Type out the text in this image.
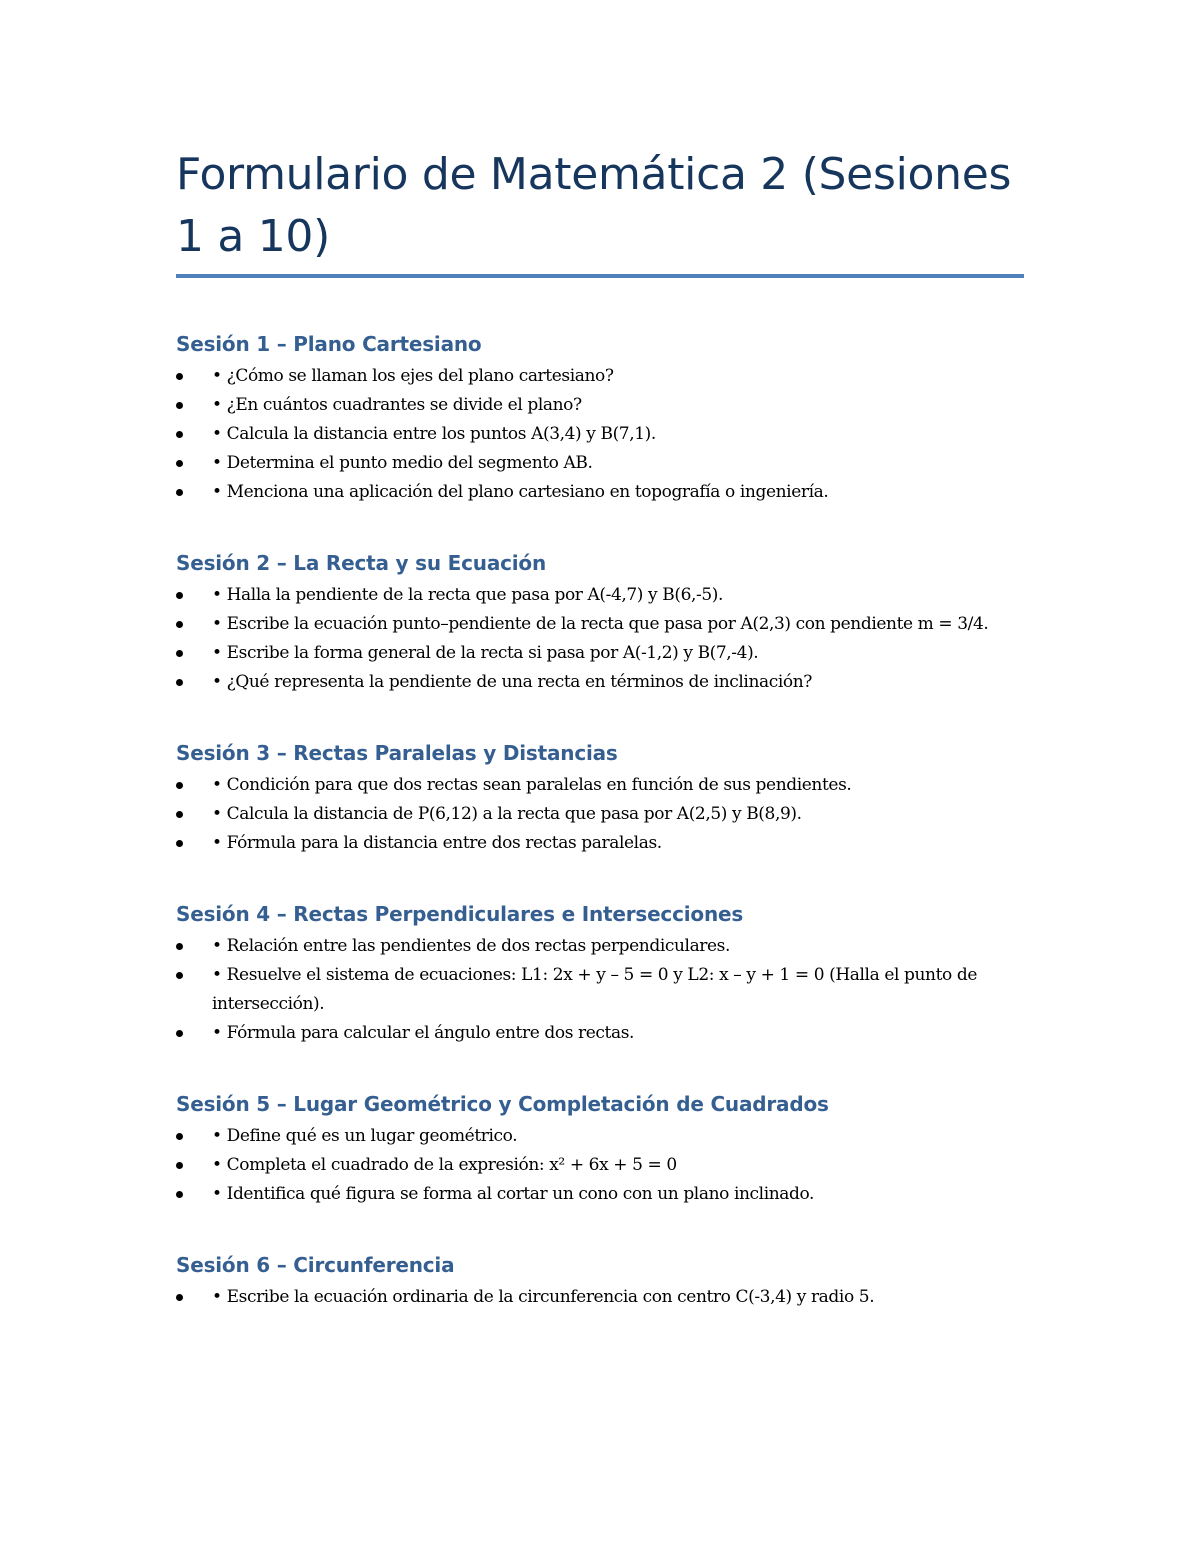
Formulario de Matemática 2 (Sesiones 1 a 10)
Sesión 1 – Plano Cartesiano
• ¿Cómo se llaman los ejes del plano cartesiano?
• ¿En cuántos cuadrantes se divide el plano?
• Calcula la distancia entre los puntos A(3,4) y B(7,1).
• Determina el punto medio del segmento AB.
• Menciona una aplicación del plano cartesiano en topografía o ingeniería.
Sesión 2 – La Recta y su Ecuación
• Halla la pendiente de la recta que pasa por A(-4,7) y B(6,-5).
• Escribe la ecuación punto–pendiente de la recta que pasa por A(2,3) con pendiente m = 3/4.
• Escribe la forma general de la recta si pasa por A(-1,2) y B(7,-4).
• ¿Qué representa la pendiente de una recta en términos de inclinación?
Sesión 3 – Rectas Paralelas y Distancias
• Condición para que dos rectas sean paralelas en función de sus pendientes.
• Calcula la distancia de P(6,12) a la recta que pasa por A(2,5) y B(8,9).
• Fórmula para la distancia entre dos rectas paralelas.
Sesión 4 – Rectas Perpendiculares e Intersecciones
• Relación entre las pendientes de dos rectas perpendiculares.
• Resuelve el sistema de ecuaciones: L1: 2x + y – 5 = 0 y L2: x – y + 1 = 0 (Halla el punto de intersección).
• Fórmula para calcular el ángulo entre dos rectas.
Sesión 5 – Lugar Geométrico y Completación de Cuadrados
• Define qué es un lugar geométrico.
• Completa el cuadrado de la expresión: x² + 6x + 5 = 0
• Identifica qué figura se forma al cortar un cono con un plano inclinado.
Sesión 6 – Circunferencia
• Escribe la ecuación ordinaria de la circunferencia con centro C(-3,4) y radio 5.
